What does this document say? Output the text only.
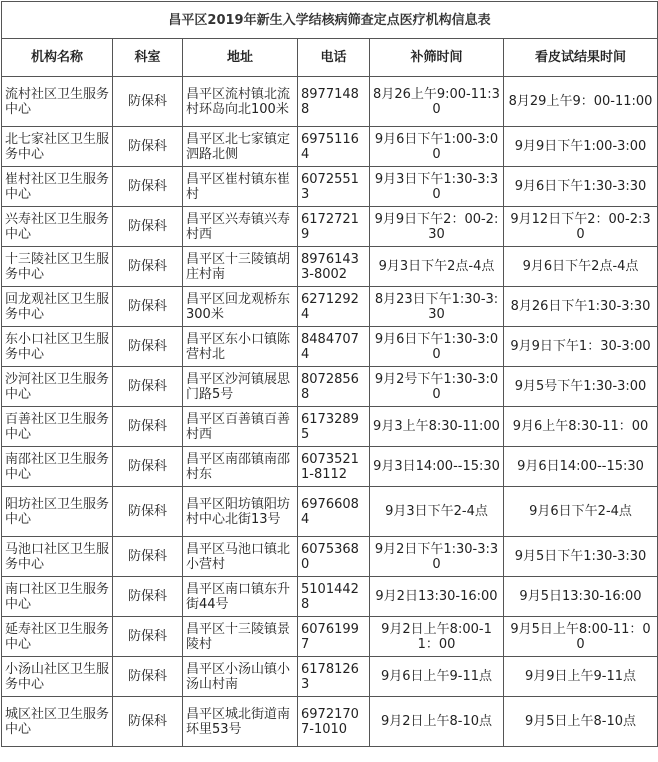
昌平区2019年新生入学结核病筛查定点医疗机构信息表					
机构名称	科室	地址	电话	补筛时间	看皮试结果时间
流村社区卫生服务中心	防保科	昌平区流村镇北流村环岛向北100米	89771488	8月26上午9:00-11:30	8月29上午9：00-11:00
北七家社区卫生服务中心	防保科	昌平区北七家镇定泗路北侧	69751164	9月6日下午1:00-3:00	9月9日下午1:00-3:00
崔村社区卫生服务中心	防保科	昌平区崔村镇东崔村	60725513	9月3日下午1:30-3:30	9月6日下午1:30-3:30
兴寿社区卫生服务中心	防保科	昌平区兴寿镇兴寿村西	61727219	9月9日下午2：00-2:30	9月12日下午2：00-2:30
十三陵社区卫生服务中心	防保科	昌平区十三陵镇胡庄村南	89761433-8002	9月3日下午2点-4点	9月6日下午2点-4点
回龙观社区卫生服务中心	防保科	昌平区回龙观桥东300米	62712924	8月23日下午1:30-3:30	8月26日下午1:30-3:30
东小口社区卫生服务中心	防保科	昌平区东小口镇陈营村北	84847074	9月6日下午1:30-3:00	9月9日下午1：30-3:00
沙河社区卫生服务中心	防保科	昌平区沙河镇展思门路5号	80728568	9月2号下午1:30-3:00	9月5号下午1:30-3:00
百善社区卫生服务中心	防保科	昌平区百善镇百善村西	61732895	9月3上午8:30-11:00	9月6上午8:30-11：00
南邵社区卫生服务中心	防保科	昌平区南邵镇南邵村东	60735211-8112	9月3日14:00--15:30	9月6日14:00--15:30
阳坊社区卫生服务中心	防保科	昌平区阳坊镇阳坊村中心北街13号	69766084	9月3日下午2-4点	9月6日下午2-4点
马池口社区卫生服务中心	防保科	昌平区马池口镇北小营村	60753680	9月2日下午1:30-3:30	9月5日下午1:30-3:30
南口社区卫生服务中心	防保科	昌平区南口镇东升街44号	51014428	9月2日13:30-16:00	9月5日13:30-16:00
延寿社区卫生服务中心	防保科	昌平区十三陵镇景陵村	60761997	9月2日上午8:00-11：00	9月5日上午8:00-11：00
小汤山社区卫生服务中心	防保科	昌平区小汤山镇小汤山村南	61781263	9月6日上午9-11点	9月9日上午9-11点
城区社区卫生服务中心	防保科	昌平区城北街道南环里53号	69721707-1010	9月2日上午8-10点	9月5日上午8-10点
